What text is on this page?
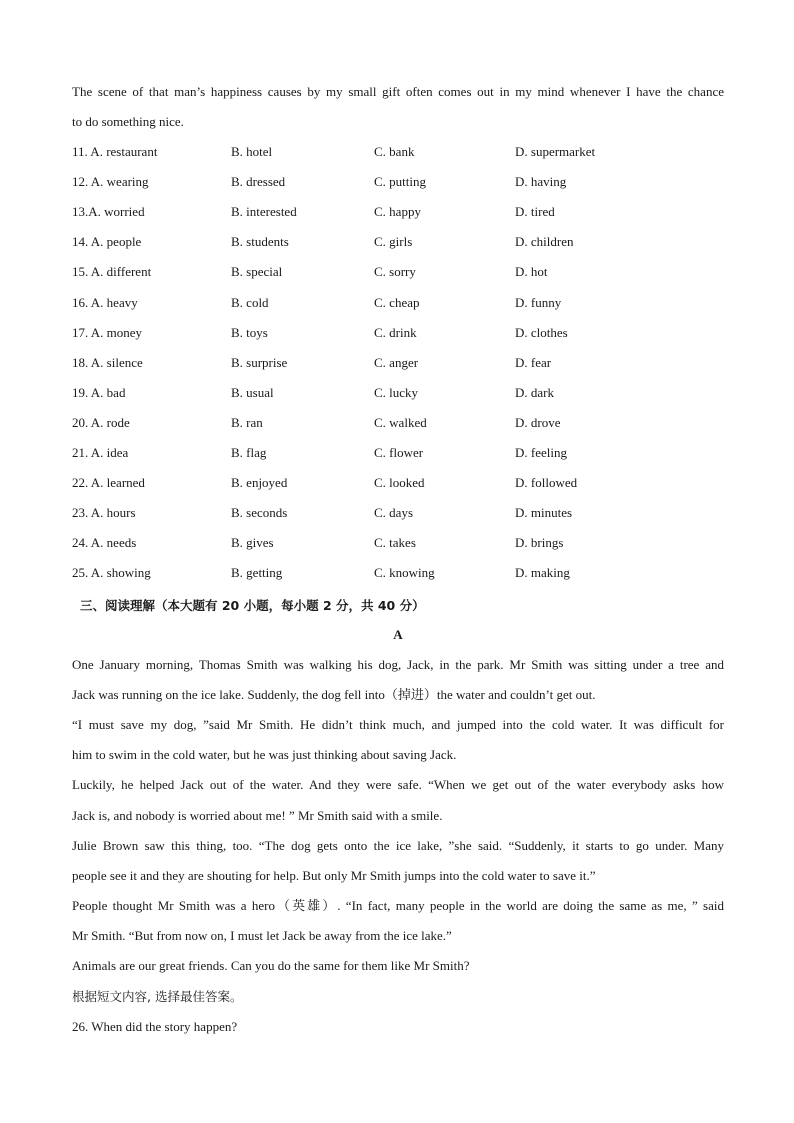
The scene of that man’s happiness causes by my small gift often comes out in my mind whenever I have the chance
to do something nice.
11. A. restaurant	B. hotel	C. bank	D. supermarket
12. A. wearing	B. dressed	C. putting	D. having
13.A. worried	B. interested	C. happy	D. tired
14. A. people	B. students	C. girls	D. children
15. A. different	B. special	C. sorry	D. hot
16. A. heavy	B. cold	C. cheap	D. funny
17. A. money	B. toys	C. drink	D. clothes
18. A. silence	B. surprise	C. anger	D. fear
19. A. bad	B. usual	C. lucky	D. dark
20. A. rode	B. ran	C. walked	D. drove
21. A. idea	B. flag	C. flower	D. feeling
22. A. learned	B. enjoyed	C. looked	D. followed
23. A. hours	B. seconds	C. days	D. minutes
24. A. needs	B. gives	C. takes	D. brings
25. A. showing	B. getting	C. knowing	D. making
三、阅读理解（本大题有 20 小题，每小题 2 分，共 40 分）
A
One January morning, Thomas Smith was walking his dog, Jack, in the park. Mr Smith was sitting under a tree and
Jack was running on the ice lake. Suddenly, the dog fell into（掉进）the water and couldn’t get out.
“I must save my dog, ”said Mr Smith. He didn’t think much, and jumped into the cold water. It was difficult for
him to swim in the cold water, but he was just thinking about saving Jack.
Luckily, he helped Jack out of the water. And they were safe. “When we get out of the water everybody asks how
Jack is, and nobody is worried about me! ” Mr Smith said with a smile.
Julie Brown saw this thing, too. “The dog gets onto the ice lake, ”she said. “Suddenly, it starts to go under. Many
people see it and they are shouting for help. But only Mr Smith jumps into the cold water to save it.”
People thought Mr Smith was a hero（英雄）. “In fact, many people in the world are doing the same as me, ” said
Mr Smith. “But from now on, I must let Jack be away from the ice lake.”
Animals are our great friends. Can you do the same for them like Mr Smith?
根据短文内容, 选择最佳答案。
26. When did the story happen?
